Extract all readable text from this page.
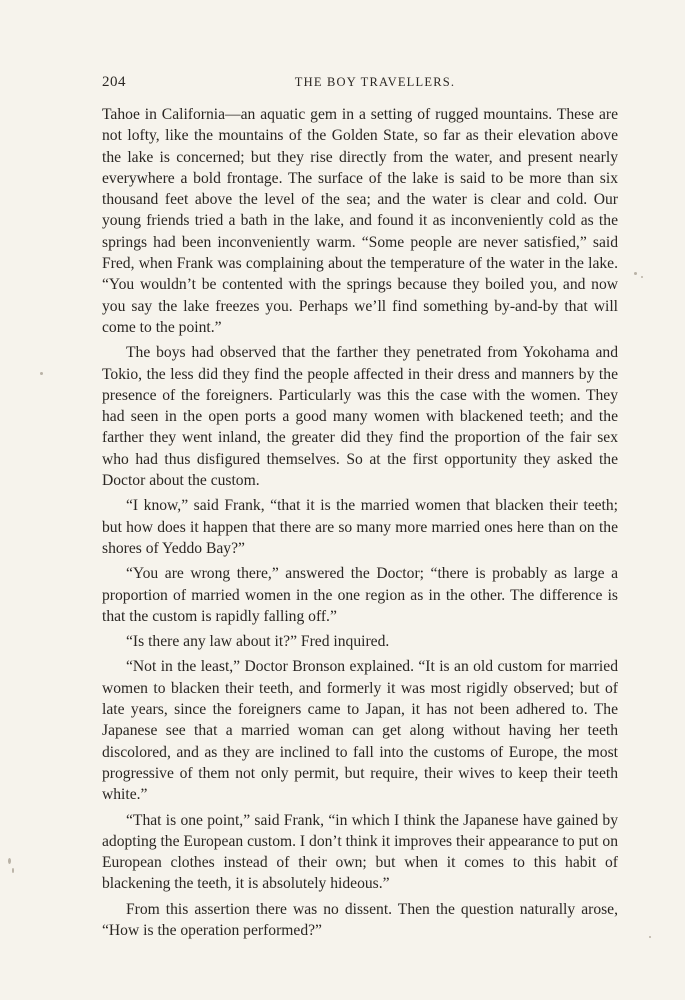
204	THE BOY TRAVELLERS.

Tahoe in California—an aquatic gem in a setting of rugged mountains. These are not lofty, like the mountains of the Golden State, so far as their elevation above the lake is concerned; but they rise directly from the water, and present nearly everywhere a bold frontage. The surface of the lake is said to be more than six thousand feet above the level of the sea; and the water is clear and cold. Our young friends tried a bath in the lake, and found it as inconveniently cold as the springs had been inconveniently warm. “Some people are never satisfied,” said Fred, when Frank was complaining about the temperature of the water in the lake. “You wouldn’t be contented with the springs because they boiled you, and now you say the lake freezes you. Perhaps we’ll find something by-and-by that will come to the point.”

The boys had observed that the farther they penetrated from Yokohama and Tokio, the less did they find the people affected in their dress and manners by the presence of the foreigners. Particularly was this the case with the women. They had seen in the open ports a good many women with blackened teeth; and the farther they went inland, the greater did they find the proportion of the fair sex who had thus disfigured themselves. So at the first opportunity they asked the Doctor about the custom.

“I know,” said Frank, “that it is the married women that blacken their teeth; but how does it happen that there are so many more married ones here than on the shores of Yeddo Bay?”

“You are wrong there,” answered the Doctor; “there is probably as large a proportion of married women in the one region as in the other. The difference is that the custom is rapidly falling off.”

“Is there any law about it?” Fred inquired.

“Not in the least,” Doctor Bronson explained. “It is an old custom for married women to blacken their teeth, and formerly it was most rigidly observed; but of late years, since the foreigners came to Japan, it has not been adhered to. The Japanese see that a married woman can get along without having her teeth discolored, and as they are inclined to fall into the customs of Europe, the most progressive of them not only permit, but require, their wives to keep their teeth white.”

“That is one point,” said Frank, “in which I think the Japanese have gained by adopting the European custom. I don’t think it improves their appearance to put on European clothes instead of their own; but when it comes to this habit of blackening the teeth, it is absolutely hideous.”

From this assertion there was no dissent. Then the question naturally arose, “How is the operation performed?”
